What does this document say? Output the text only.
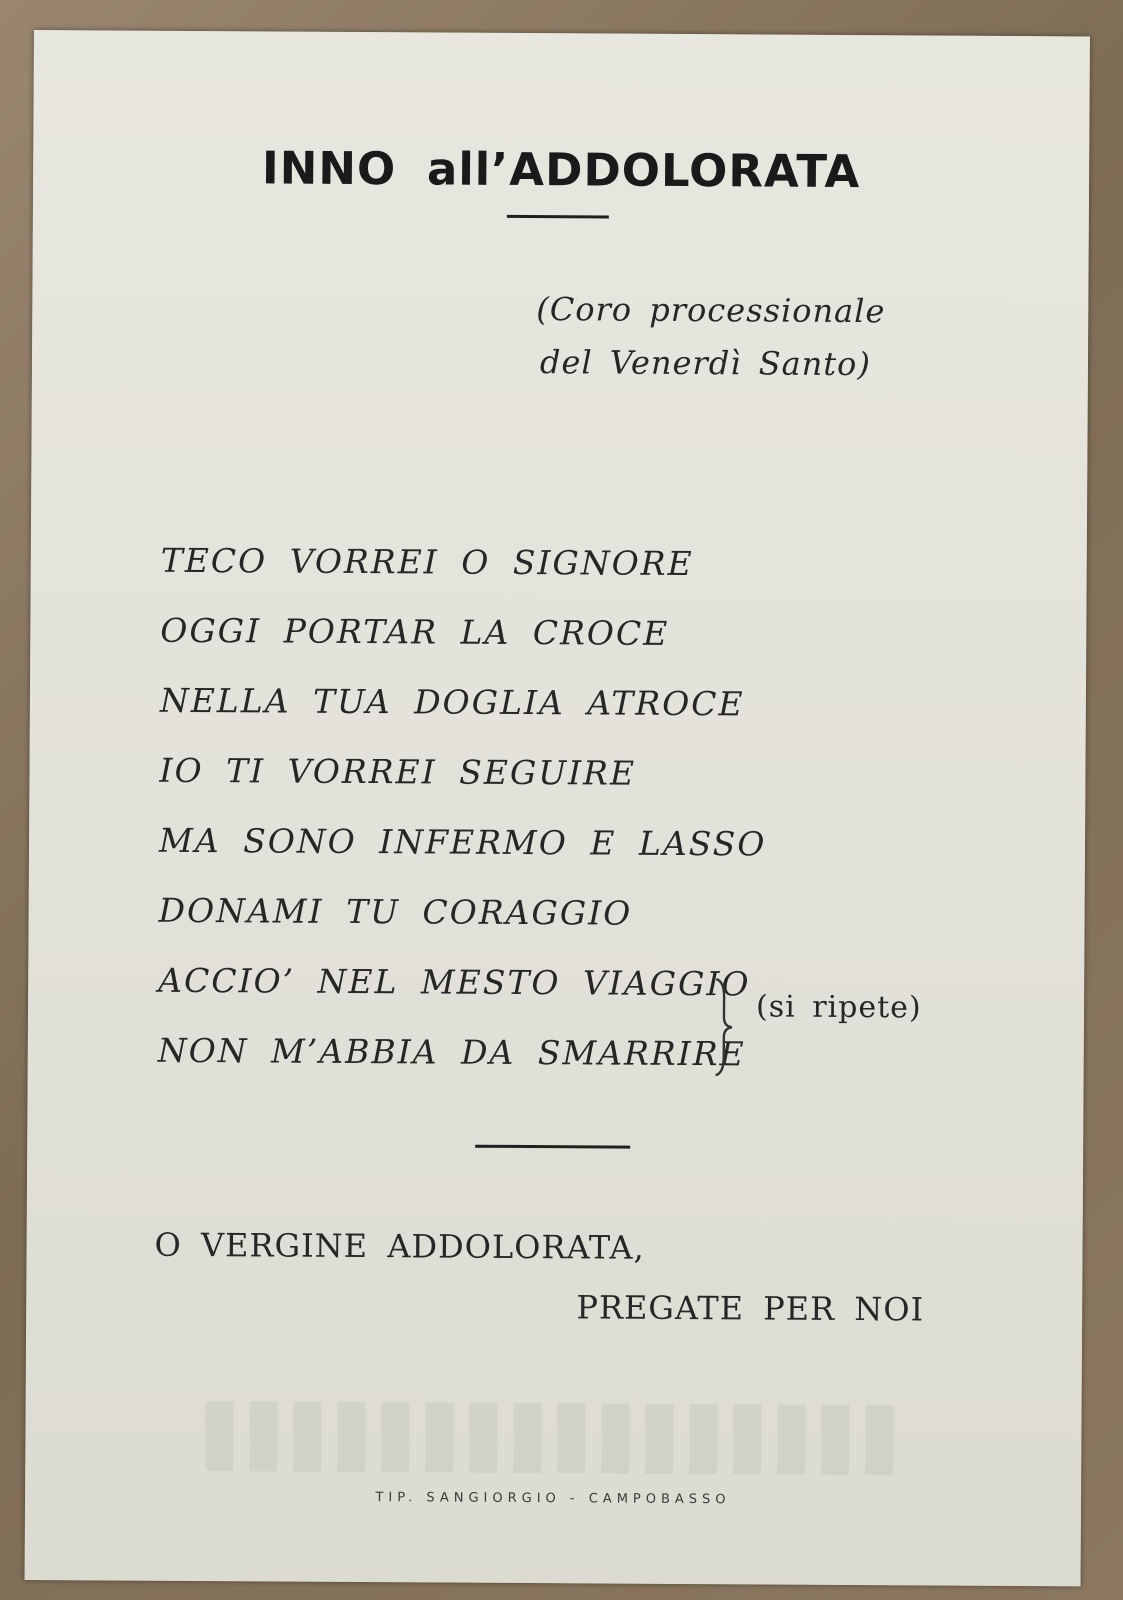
INNO all’ADDOLORATA
(Coro processionale
del Venerdì Santo)
TECO VORREI O SIGNORE
OGGI PORTAR LA CROCE
NELLA TUA DOGLIA ATROCE
IO TI VORREI SEGUIRE
MA SONO INFERMO E LASSO
DONAMI TU CORAGGIO
ACCIO’ NEL MESTO VIAGGIO
NON M’ABBIA DA SMARRIRE
(si ripete)
O VERGINE ADDOLORATA,
PREGATE PER NOI
TIP. SANGIORGIO - CAMPOBASSO
